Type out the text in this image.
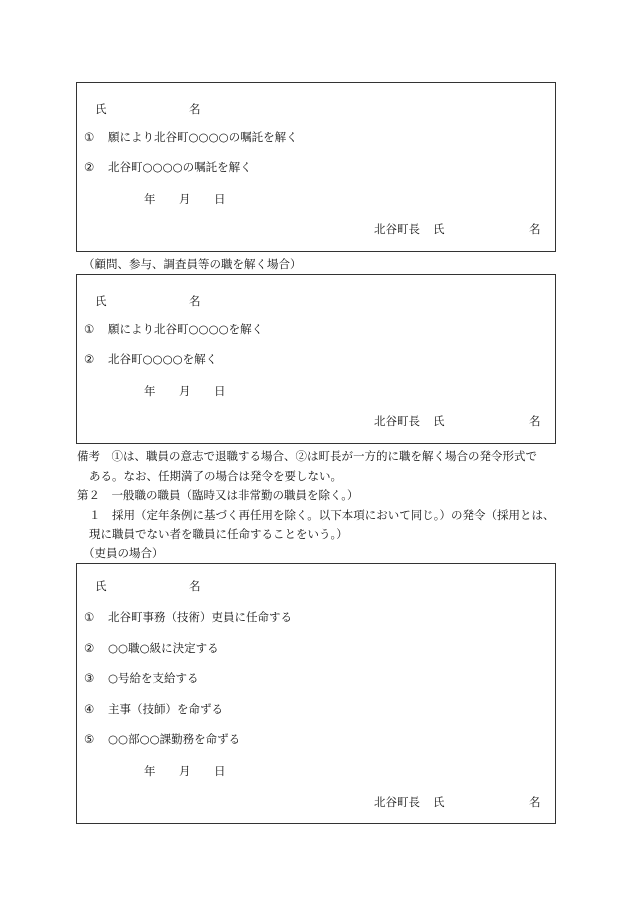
氏	名
① 願により北谷町○○○○の嘱託を解く
② 北谷町○○○○の嘱託を解く
年 月 日
北谷町長 氏	名
（顧問、参与、調査員等の職を解く場合）
氏	名
① 願により北谷町○○○○を解く
② 北谷町○○○○を解く
年 月 日
北谷町長 氏	名
備考　①は、職員の意志で退職する場合、②は町長が一方的に職を解く場合の発令形式で
ある。なお、任期満了の場合は発令を要しない。
第２　一般職の職員（臨時又は非常勤の職員を除く。）
１　採用（定年条例に基づく再任用を除く。以下本項において同じ。）の発令（採用とは、
現に職員でない者を職員に任命することをいう。）
（吏員の場合）
氏	名
① 北谷町事務（技術）吏員に任命する
② ○○職○級に決定する
③ ○号給を支給する
④ 主事（技師）を命ずる
⑤ ○○部○○課勤務を命ずる
年 月 日
北谷町長 氏	名
